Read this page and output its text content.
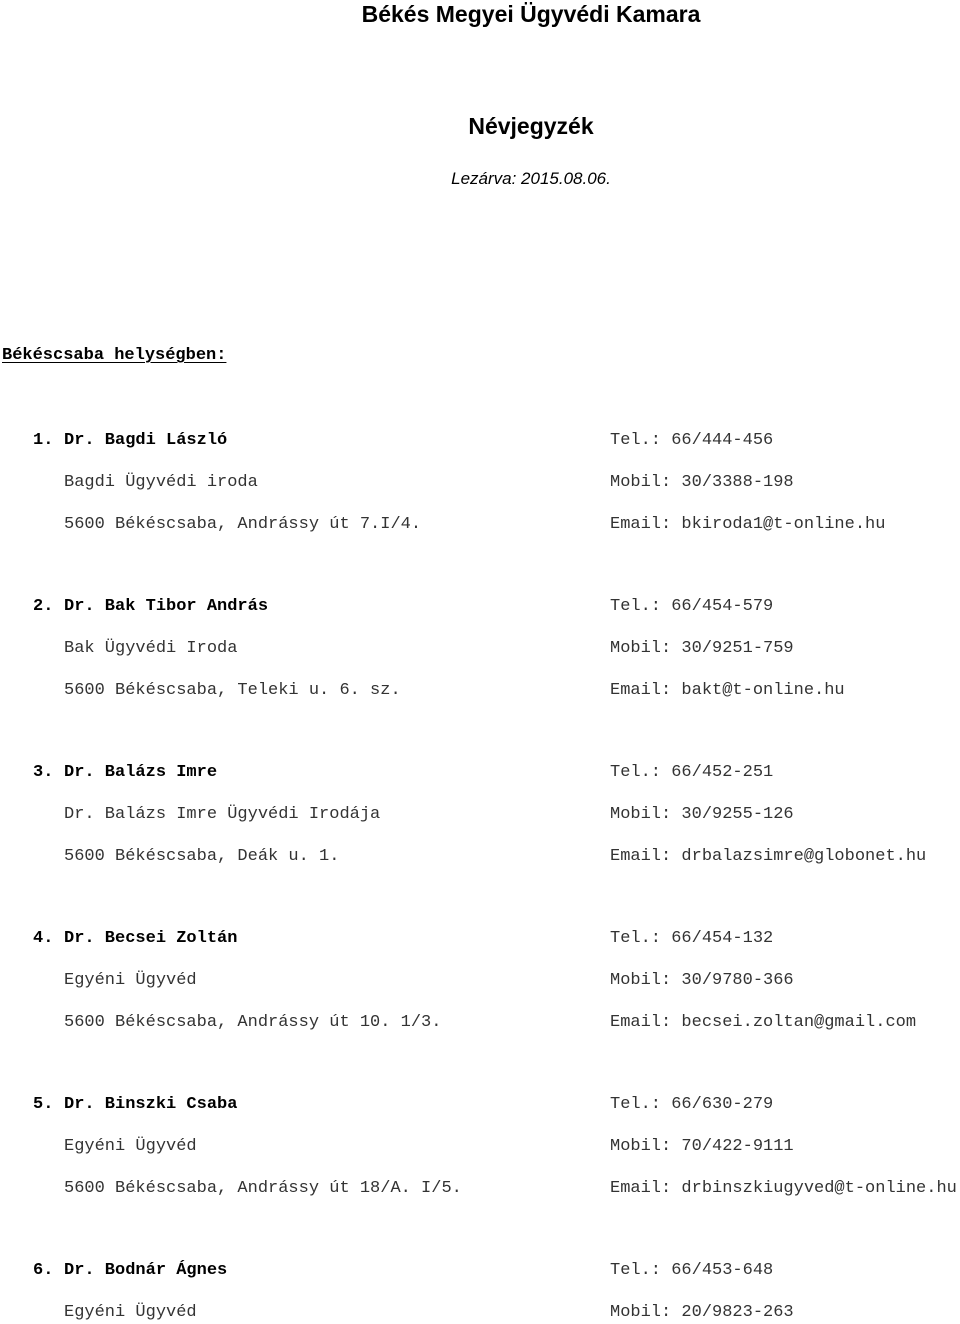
Békés Megyei Ügyvédi Kamara
Névjegyzék
Lezárva: 2015.08.06.
Békéscsaba helységben:
1. Dr. Bagdi László	Tel.: 66/444-456
Bagdi Ügyvédi iroda	Mobil: 30/3388-198
5600 Békéscsaba, Andrássy út 7.I/4.	Email: bkiroda1@t-online.hu
2. Dr. Bak Tibor András	Tel.: 66/454-579
Bak Ügyvédi Iroda	Mobil: 30/9251-759
5600 Békéscsaba, Teleki u. 6. sz.	Email: bakt@t-online.hu
3. Dr. Balázs Imre	Tel.: 66/452-251
Dr. Balázs Imre Ügyvédi Irodája	Mobil: 30/9255-126
5600 Békéscsaba, Deák u. 1.	Email: drbalazsimre@globonet.hu
4. Dr. Becsei Zoltán	Tel.: 66/454-132
Egyéni Ügyvéd	Mobil: 30/9780-366
5600 Békéscsaba, Andrássy út 10. 1/3.	Email: becsei.zoltan@gmail.com
5. Dr. Binszki Csaba	Tel.: 66/630-279
Egyéni Ügyvéd	Mobil: 70/422-9111
5600 Békéscsaba, Andrássy út 18/A. I/5.	Email: drbinszkiugyved@t-online.hu
6. Dr. Bodnár Ágnes	Tel.: 66/453-648
Egyéni Ügyvéd	Mobil: 20/9823-263
